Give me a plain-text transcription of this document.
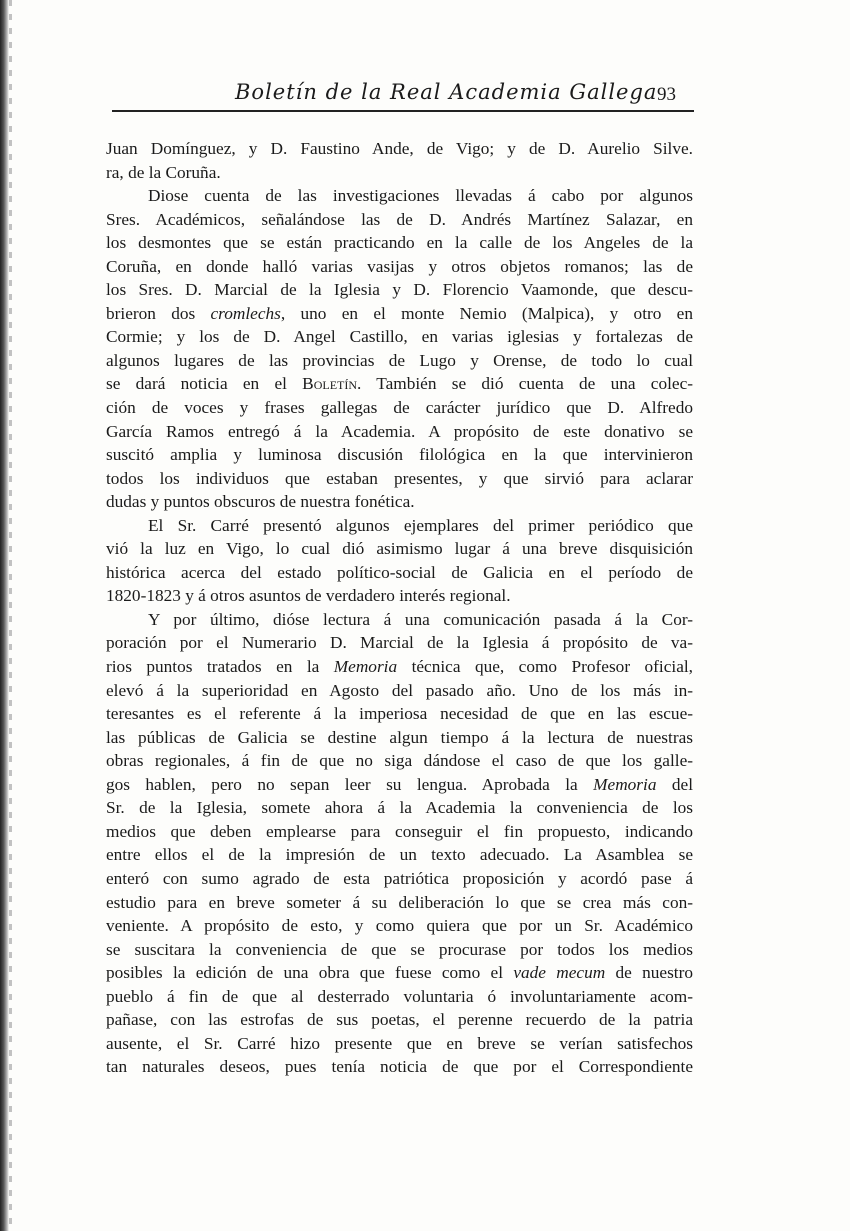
Boletín de la Real Academia Gallega 93
Juan Domínguez, y D. Faustino Ande, de Vigo; y de D. Aurelio Silve.
ra, de la Coruña.
Diose cuenta de las investigaciones llevadas á cabo por algunos
Sres. Académicos, señalándose las de D. Andrés Martínez Salazar, en
los desmontes que se están practicando en la calle de los Angeles de la
Coruña, en donde halló varias vasijas y otros objetos romanos; las de
los Sres. D. Marcial de la Iglesia y D. Florencio Vaamonde, que descu-
brieron dos cromlechs, uno en el monte Nemio (Malpica), y otro en
Cormie; y los de D. Angel Castillo, en varias iglesias y fortalezas de
algunos lugares de las provincias de Lugo y Orense, de todo lo cual
se dará noticia en el Boletín. También se dió cuenta de una colec-
ción de voces y frases gallegas de carácter jurídico que D. Alfredo
García Ramos entregó á la Academia. A propósito de este donativo se
suscitó amplia y luminosa discusión filológica en la que intervinieron
todos los individuos que estaban presentes, y que sirvió para aclarar
dudas y puntos obscuros de nuestra fonética.
El Sr. Carré presentó algunos ejemplares del primer periódico que
vió la luz en Vigo, lo cual dió asimismo lugar á una breve disquisición
histórica acerca del estado político-social de Galicia en el período de
1820-1823 y á otros asuntos de verdadero interés regional.
Y por último, dióse lectura á una comunicación pasada á la Cor-
poración por el Numerario D. Marcial de la Iglesia á propósito de va-
rios puntos tratados en la Memoria técnica que, como Profesor oficial,
elevó á la superioridad en Agosto del pasado año. Uno de los más in-
teresantes es el referente á la imperiosa necesidad de que en las escue-
las públicas de Galicia se destine algun tiempo á la lectura de nuestras
obras regionales, á fin de que no siga dándose el caso de que los galle-
gos hablen, pero no sepan leer su lengua. Aprobada la Memoria del
Sr. de la Iglesia, somete ahora á la Academia la conveniencia de los
medios que deben emplearse para conseguir el fin propuesto, indicando
entre ellos el de la impresión de un texto adecuado. La Asamblea se
enteró con sumo agrado de esta patriótica proposición y acordó pase á
estudio para en breve someter á su deliberación lo que se crea más con-
veniente. A propósito de esto, y como quiera que por un Sr. Académico
se suscitara la conveniencia de que se procurase por todos los medios
posibles la edición de una obra que fuese como el vade mecum de nuestro
pueblo á fin de que al desterrado voluntaria ó involuntariamente acom-
pañase, con las estrofas de sus poetas, el perenne recuerdo de la patria
ausente, el Sr. Carré hizo presente que en breve se verían satisfechos
tan naturales deseos, pues tenía noticia de que por el Correspondiente
